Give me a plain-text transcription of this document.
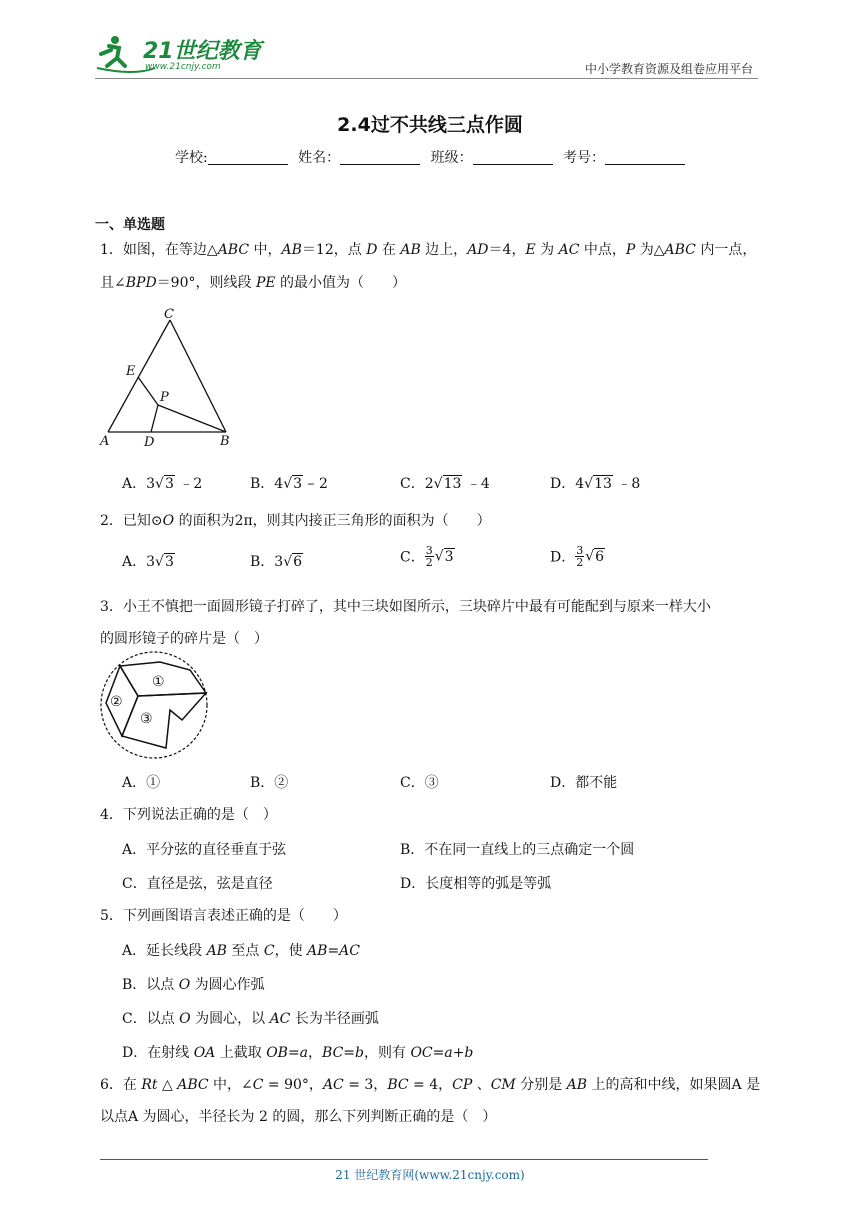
21世纪教育
www.21cnjy.com	中小学教育资源及组卷应用平台
2.4过不共线三点作圆
学校:	姓名：	班级：	考号：
一、单选题
1．如图，在等边△ABC 中，AB＝12，点 D 在 AB 边上，AD＝4，E 为 AC 中点，P 为△ABC 内一点，
且∠BPD＝90°，则线段 PE 的最小值为（　　）
C
E
P
A	D	B
A．3√3 ﹣2	B．4√3 – 2	C．2√13 ﹣4	D．4√13 ﹣8
2．已知⊙O 的面积为2π，则其内接正三角形的面积为（　　）
A．3√3	B．3√6	C． $\frac{3}{2} √3$	D． $\frac{3}{2} √6$
3．小王不慎把一面圆形镜子打碎了，其中三块如图所示，三块碎片中最有可能配到与原来一样大小
的圆形镜子的碎片是（　）
①
②
③
A．①	B．②	C．③	D．都不能
4．下列说法正确的是（　）
A．平分弦的直径垂直于弦	B．不在同一直线上的三点确定一个圆
C．直径是弦，弦是直径	D．长度相等的弧是等弧
5．下列画图语言表述正确的是（　　）
A．延长线段 AB 至点 C，使 AB=AC
B．以点 O 为圆心作弧
C．以点 O 为圆心，以 AC 长为半径画弧
D．在射线 OA 上截取 OB=a，BC=b，则有 OC=a+b
6．在 Rt △ ABC 中，∠C = 90°，AC = 3，BC = 4，CP 、CM 分别是 AB 上的高和中线，如果圆A 是
以点A 为圆心，半径长为 2 的圆，那么下列判断正确的是（　）
21 世纪教育网(www.21cnjy.com)
